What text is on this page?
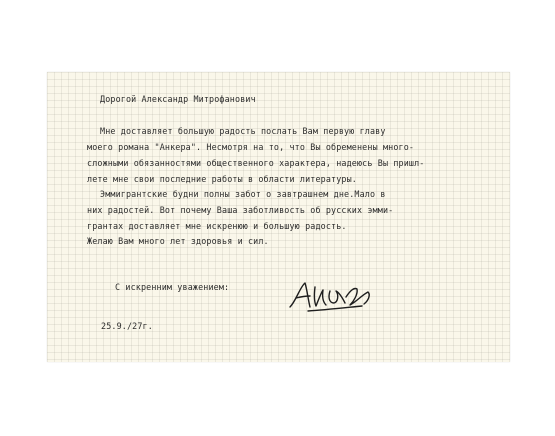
Дорогой Александр Митрофанович
Мне доставляет большую радость послать Вам первую главу
моего романа "Анкера". Несмотря на то, что Вы обременены много-
сложными обязанностями общественного характера, надеюсь Вы пришл-
лете мне свои последние работы в области литературы.
Эммигрантские будни полны забот о завтрашнем дне.Мало в
них радостей. Вот почему Ваша заботливость об русских эмми-
грантах доставляет мне искренюю и большую радость.
Желаю Вам много лет здоровья и сил.
С искренним уважением:
25.9./27г.
